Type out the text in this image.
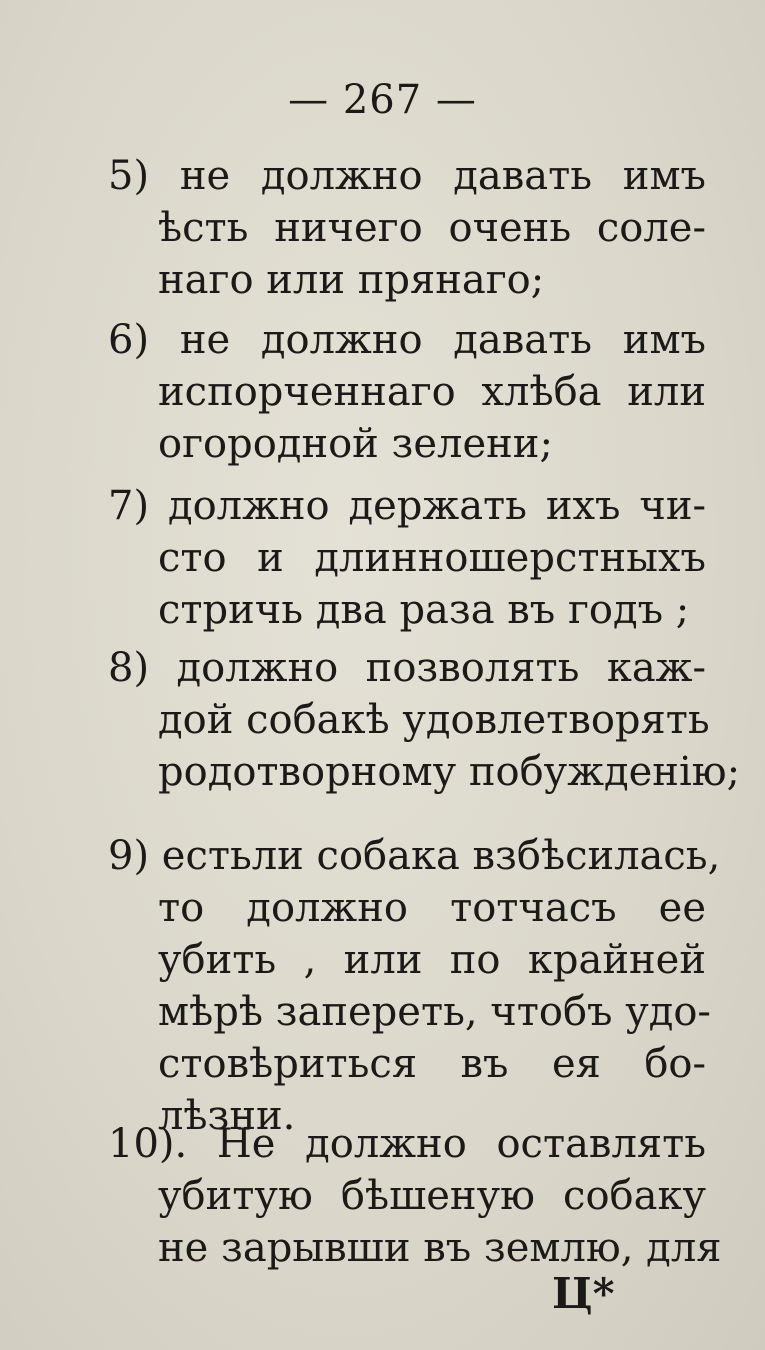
— 267 —
5) не должно давать имъ
ѣсть ничего очень соле-
наго или прянаго;
6) не должно давать имъ
испорченнаго хлѣба или
огородной зелени;
7) должно держать ихъ чи-
сто и длинношерстныхъ
стричь два раза въ годъ ;
8) должно позволять каж-
дой собакѣ удовлетворять
родотворному побужденiю;
9) естьли собака взбѣсилась,
то должно тотчасъ ее
убить , или по крайней
мѣрѣ запереть, чтобъ удо-
стовѣриться въ ея бо-
лѣзни.
10). Не должно оставлять
убитую бѣшеную собаку
не зарывши въ землю, для
Ц*
